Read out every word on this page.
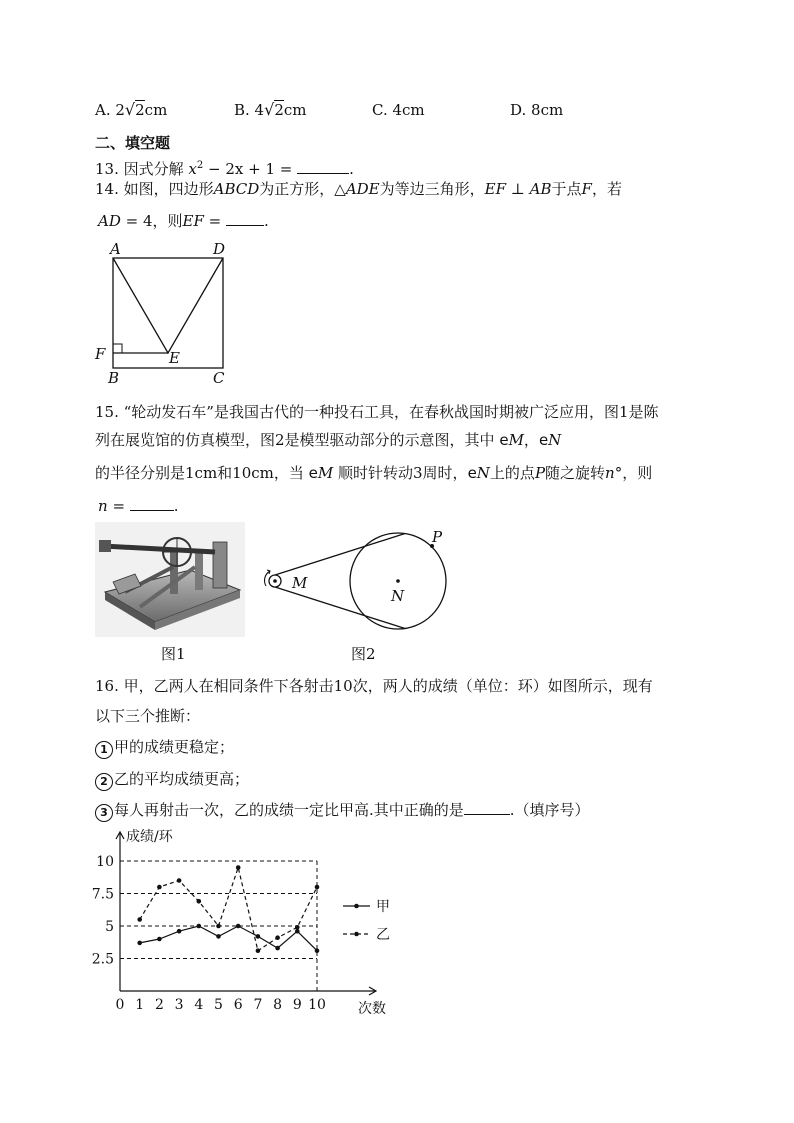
A. 2√2cm	B. 4√2cm	C. 4cm	D. 8cm
二、填空题
13. 因式分解 $x^2 - 2x + 1$ =	.
14. 如图，四边形ABCD为正方形，△ADE为等边三角形，EF ⊥ AB于点F，若
AD = 4，则EF =	.
A	D
F	E
B	C
15. “轮动发石车”是我国古代的一种投石工具，在春秋战国时期被广泛应用，图1是陈
列在展览馆的仿真模型，图2是模型驱动部分的示意图，其中 eM，eN
的半径分别是1cm和10cm，当 eM 顺时针转动3周时，eN上的点P随之旋转n°，则
n =	.
图1
P
M
N
图2
16. 甲，乙两人在相同条件下各射击10次，两人的成绩（单位：环）如图所示，现有
以下三个推断：
1 甲的成绩更稳定；
2 乙的平均成绩更高；
3 每人再射击一次，乙的成绩一定比甲高.其中正确的是	.（填序号）
2.5
5
7.5
10
0 1 2 3 4 5 6 7 8 9 10
成绩/环
次数
甲
乙
